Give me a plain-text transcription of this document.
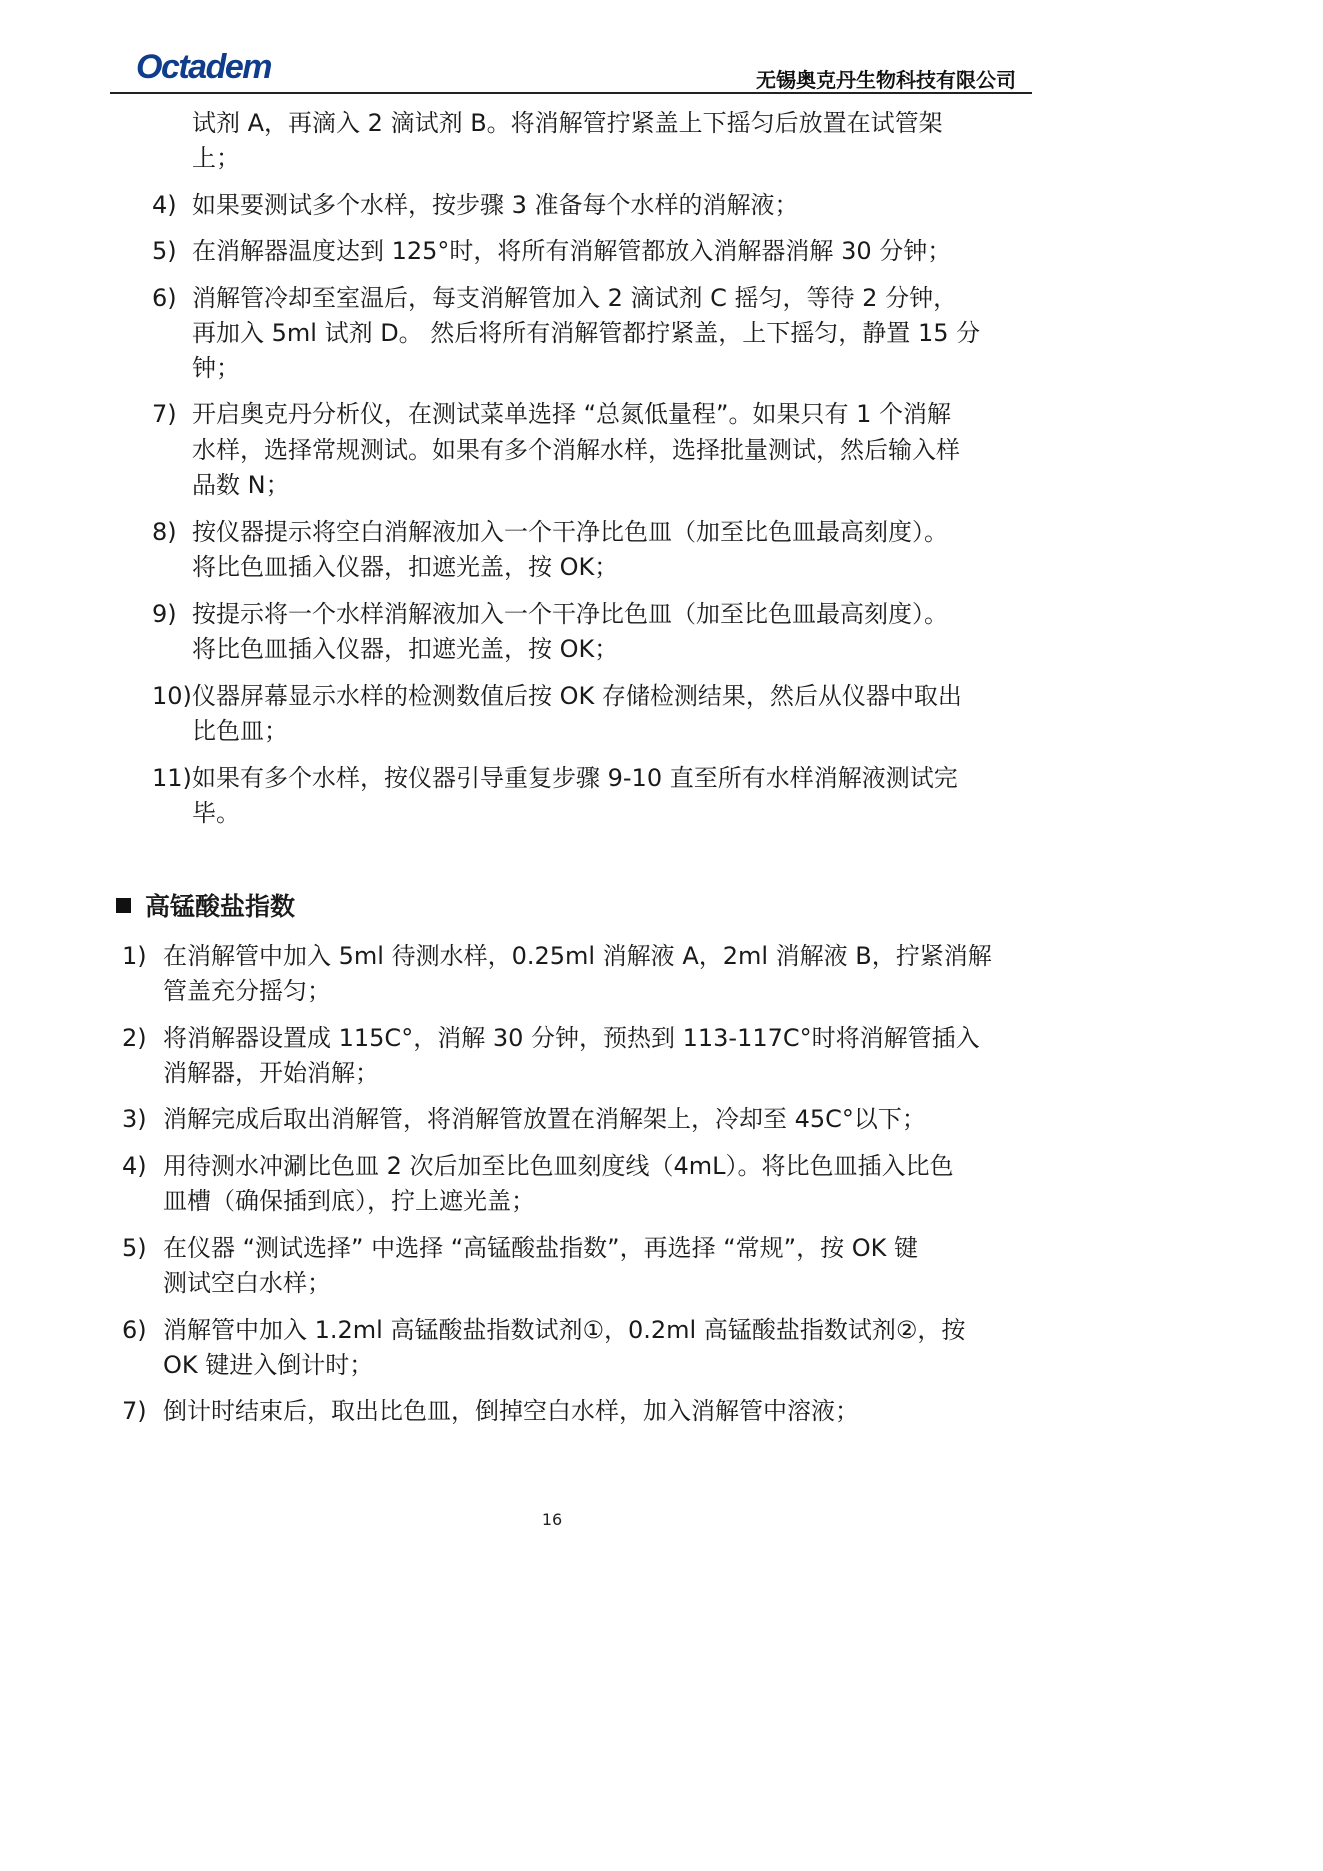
Octadem	无锡奥克丹生物科技有限公司
试剂 A，再滴入 2 滴试剂 B。将消解管拧紧盖上下摇匀后放置在试管架
上；
4) 如果要测试多个水样，按步骤 3 准备每个水样的消解液；
5) 在消解器温度达到 125°时，将所有消解管都放入消解器消解 30 分钟；
6) 消解管冷却至室温后，每支消解管加入 2 滴试剂 C 摇匀，等待 2 分钟，
再加入 5ml 试剂 D。 然后将所有消解管都拧紧盖，上下摇匀，静置 15 分
钟；
7) 开启奥克丹分析仪，在测试菜单选择 “总氮低量程”。如果只有 1 个消解
水样，选择常规测试。如果有多个消解水样，选择批量测试，然后输入样
品数 N；
8) 按仪器提示将空白消解液加入一个干净比色皿（加至比色皿最高刻度）。
将比色皿插入仪器，扣遮光盖，按 OK；
9) 按提示将一个水样消解液加入一个干净比色皿（加至比色皿最高刻度）。
将比色皿插入仪器，扣遮光盖，按 OK；
10) 仪器屏幕显示水样的检测数值后按 OK 存储检测结果，然后从仪器中取出
比色皿；
11) 如果有多个水样，按仪器引导重复步骤 9-10 直至所有水样消解液测试完
毕。
高锰酸盐指数
1) 在消解管中加入 5ml 待测水样，0.25ml 消解液 A，2ml 消解液 B，拧紧消解
管盖充分摇匀；
2) 将消解器设置成 115C°，消解 30 分钟，预热到 113-117C°时将消解管插入
消解器，开始消解；
3) 消解完成后取出消解管，将消解管放置在消解架上，冷却至 45C°以下；
4) 用待测水冲涮比色皿 2 次后加至比色皿刻度线（4mL）。将比色皿插入比色
皿槽（确保插到底），拧上遮光盖；
5) 在仪器 “测试选择” 中选择 “高锰酸盐指数”，再选择 “常规”，按 OK 键
测试空白水样；
6) 消解管中加入 1.2ml 高锰酸盐指数试剂①，0.2ml 高锰酸盐指数试剂②，按
OK 键进入倒计时；
7) 倒计时结束后，取出比色皿，倒掉空白水样，加入消解管中溶液；
16
